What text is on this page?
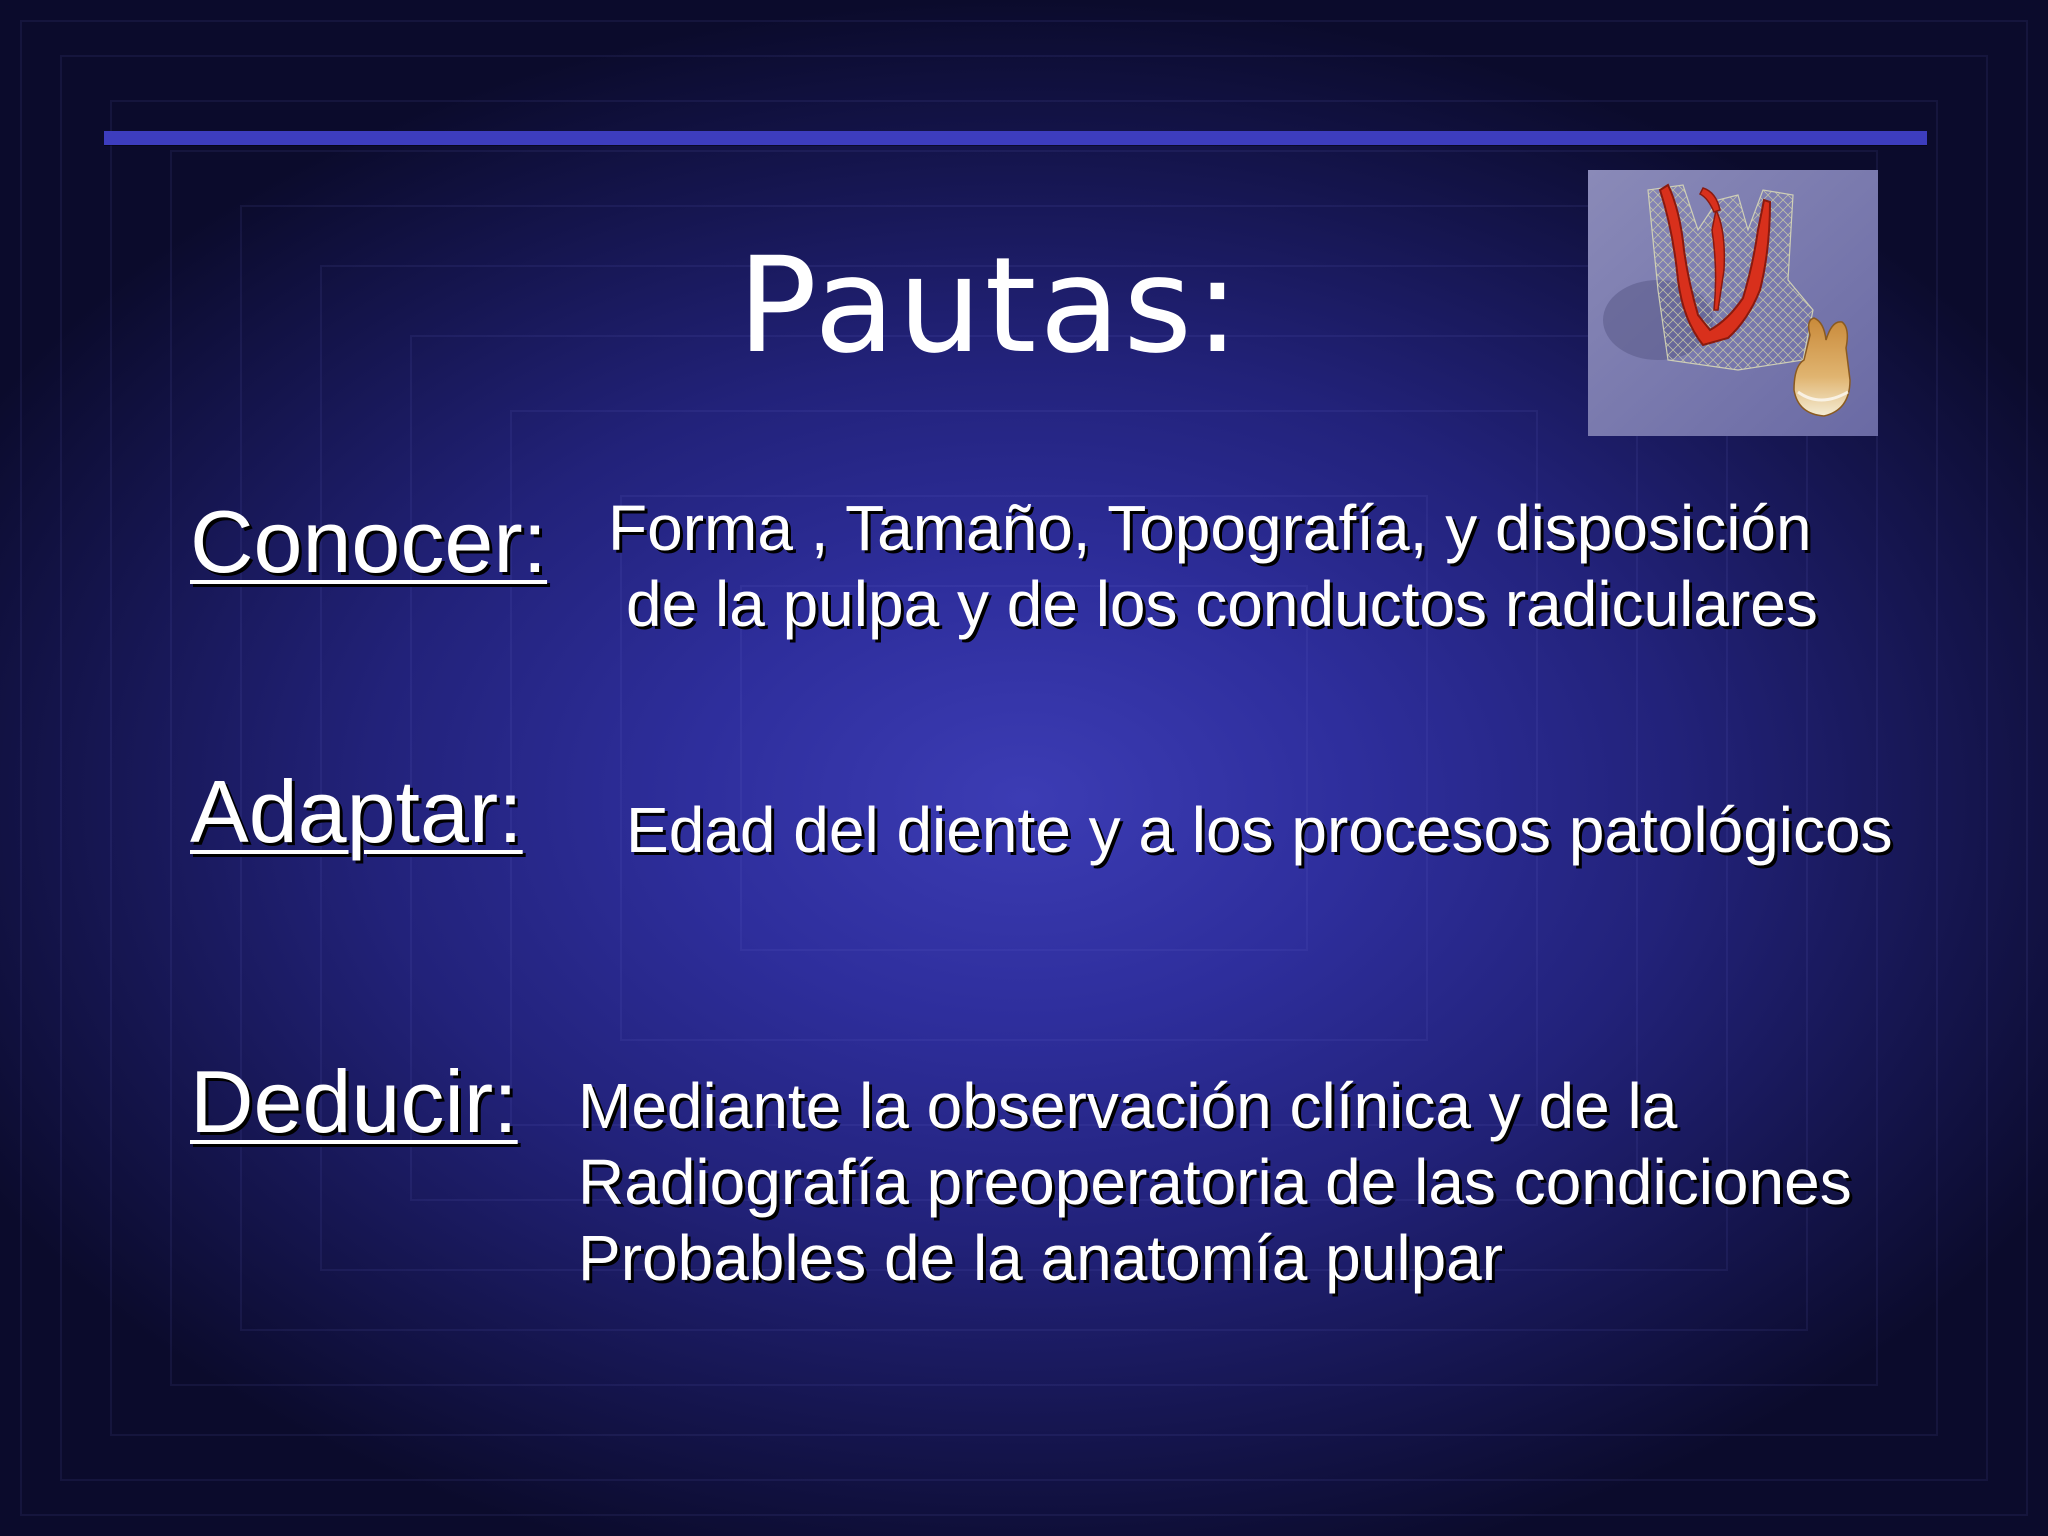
Pautas:
Conocer: Forma , Tamaño, Topografía, y disposición
de la pulpa y de los conductos radiculares
Adaptar: Edad del diente y a los procesos patológicos
Deducir: Mediante la observación clínica y de la
Radiografía preoperatoria de las condiciones
Probables de la anatomía pulpar
